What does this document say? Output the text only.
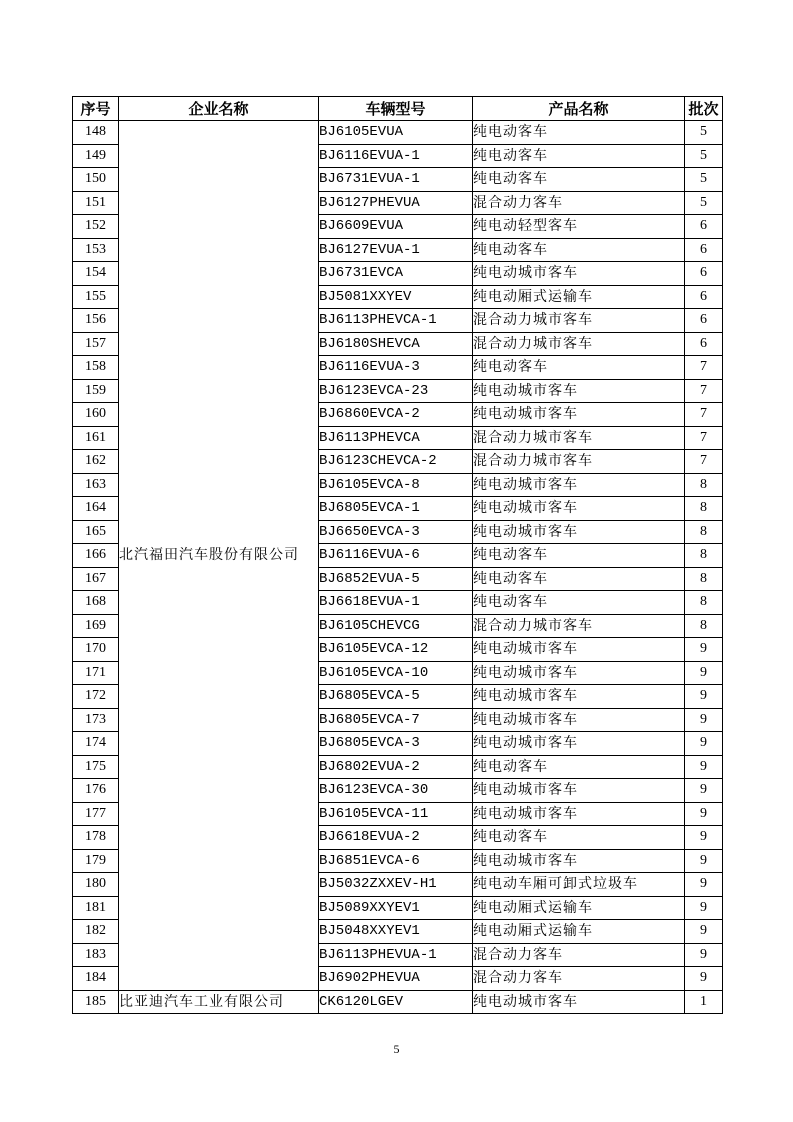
序号	企业名称	车辆型号	产品名称	批次
148	北汽福田汽车股份有限公司	BJ6105EVUA	纯电动客车	5
149		BJ6116EVUA-1	纯电动客车	5
150		BJ6731EVUA-1	纯电动客车	5
151		BJ6127PHEVUA	混合动力客车	5
152		BJ6609EVUA	纯电动轻型客车	6
153		BJ6127EVUA-1	纯电动客车	6
154		BJ6731EVCA	纯电动城市客车	6
155		BJ5081XXYEV	纯电动厢式运输车	6
156		BJ6113PHEVCA-1	混合动力城市客车	6
157		BJ6180SHEVCA	混合动力城市客车	6
158		BJ6116EVUA-3	纯电动客车	7
159		BJ6123EVCA-23	纯电动城市客车	7
160		BJ6860EVCA-2	纯电动城市客车	7
161		BJ6113PHEVCA	混合动力城市客车	7
162		BJ6123CHEVCA-2	混合动力城市客车	7
163		BJ6105EVCA-8	纯电动城市客车	8
164		BJ6805EVCA-1	纯电动城市客车	8
165		BJ6650EVCA-3	纯电动城市客车	8
166		BJ6116EVUA-6	纯电动客车	8
167		BJ6852EVUA-5	纯电动客车	8
168		BJ6618EVUA-1	纯电动客车	8
169		BJ6105CHEVCG	混合动力城市客车	8
170		BJ6105EVCA-12	纯电动城市客车	9
171		BJ6105EVCA-10	纯电动城市客车	9
172		BJ6805EVCA-5	纯电动城市客车	9
173		BJ6805EVCA-7	纯电动城市客车	9
174		BJ6805EVCA-3	纯电动城市客车	9
175		BJ6802EVUA-2	纯电动客车	9
176		BJ6123EVCA-30	纯电动城市客车	9
177		BJ6105EVCA-11	纯电动城市客车	9
178		BJ6618EVUA-2	纯电动客车	9
179		BJ6851EVCA-6	纯电动城市客车	9
180		BJ5032ZXXEV-H1	纯电动车厢可卸式垃圾车	9
181		BJ5089XXYEV1	纯电动厢式运输车	9
182		BJ5048XXYEV1	纯电动厢式运输车	9
183		BJ6113PHEVUA-1	混合动力客车	9
184		BJ6902PHEVUA	混合动力客车	9
185	比亚迪汽车工业有限公司	CK6120LGEV	纯电动城市客车	1
5
